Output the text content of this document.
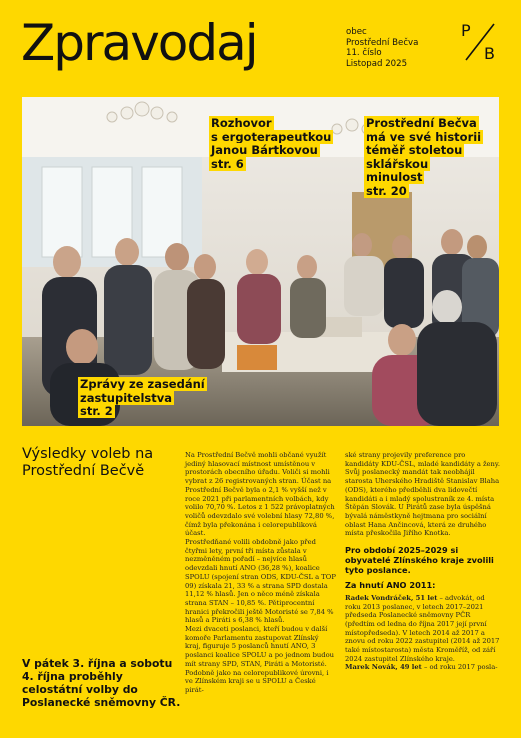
Zpravodaj	obec
Prostřední Bečva
11. číslo
Listopad 2025
P
B
Rozhovor
s ergoterapeutkou
Janou Bártkovou
str. 6
Prostřední Bečva
má ve své historii
téměř stoletou
sklářskou minulost
str. 20
Zprávy ze zasedání
zastupitelstva
str. 2
Výsledky voleb na Prostřední Bečvě
V pátek 3. října a sobotu 4. října proběhly celostátní volby do Poslanecké sněmovny ČR.

Na Prostřední Bečvě mohli občané využít jediný hlasovací místnost umístěnou v prostorách obecního úřadu. Voliči si mohli vybrat z 26 registrovaných stran. Účast na Prostřední Bečvě byla o 2,1 % vyšší než v roce 2021 při parlamentních volbách, kdy volilo 70,70 %. Letos z 1 522 právoplatných voličů odevzdalo své volební hlasy 72,80 %, čímž byla překonána i celorepubliková účast.

Prostředňané volili obdobně jako před čtyřmi lety, první tři místa zůstala v nezměněném pořadí – nejvíce hlasů odevzdali hnutí ANO (36,28 %), koalice SPOLU (spojení stran ODS, KDU-ČSL a TOP 09) získala 21, 33 % a strana SPD dostala 11,12 % hlasů. Jen o něco méně získala strana STAN – 10,85 %. Pětiprocentní hranici překročili ještě Motoristé se 7,84 % hlasů a Piráti s 6,38 % hlasů.

Mezi dvaceti poslanci, kteří budou v další komoře Parlamentu zastupovat Zlínský kraj, figuruje 5 poslanců hnutí ANO, 3 poslanci koalice SPOLU a po jednom budou mít strany SPD, STAN, Piráti a Motoristé.

Podobně jako na celorepublikové úrovni, i ve Zlínském kraji se u SPOLU a České pirát-

ské strany projevily preference pro kandidáty KDU-ČSL, mladé kandidáty a ženy. Svůj poslanecký mandát tak neobhájil starosta Uherského Hradiště Stanislav Blaha (ODS), kterého předběhli dva lidovečtí kandidáti a i mladý spolustraník ze 4. místa Štěpán Slovák. U Pirátů zase byla úspěšná bývalá náměstkyně hejtmana pro sociální oblast Hana Ančincová, která ze druhého místa přeskočila Jiřího Knotka.

Pro období 2025–2029 si obyvatelé Zlínského kraje zvolili tyto poslance.
Za hnutí ANO 2011:

Radek Vondráček, 51 let – advokát, od roku 2013 poslanec, v letech 2017–2021 předseda Poslanecké sněmovny PČR (předtím od ledna do října 2017 její první místopředseda). V letech 2014 až 2017 a znovu od roku 2022 zastupitel (2014 až 2017 také místostarosta) města Kroměříž, od září 2024 zastupitel Zlínského kraje.

Marek Novák, 49 let – od roku 2017 posla-
